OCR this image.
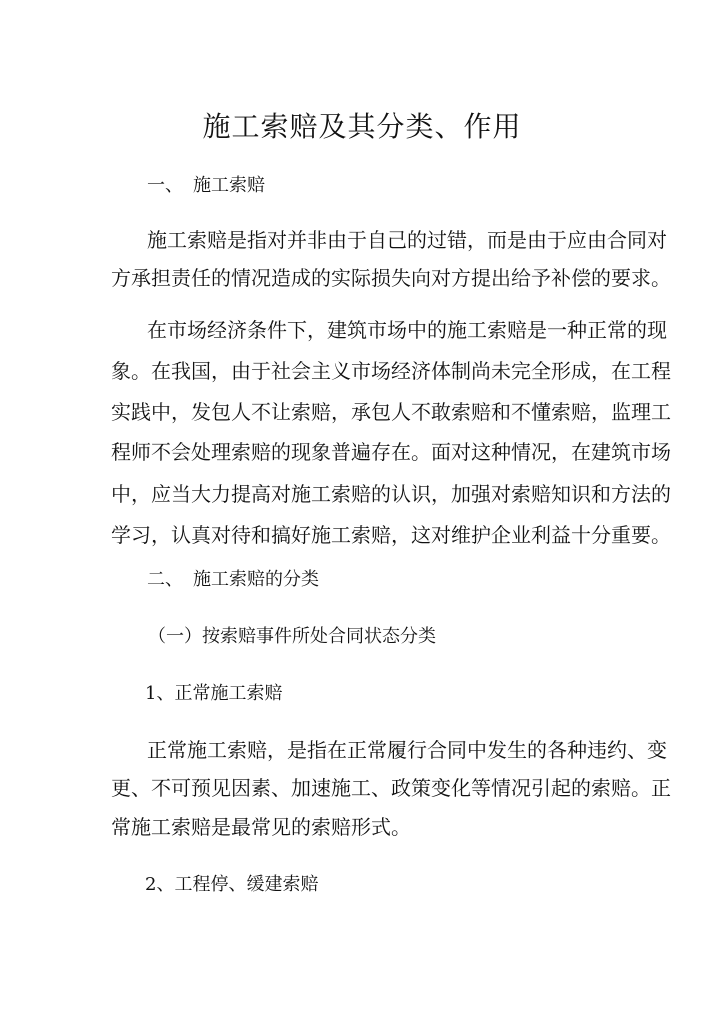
施工索赔及其分类、作用
一、 施工索赔
施工索赔是指对并非由于自己的过错，而是由于应由合同对
方承担责任的情况造成的实际损失向对方提出给予补偿的要求。
在市场经济条件下，建筑市场中的施工索赔是一种正常的现
象。在我国，由于社会主义市场经济体制尚未完全形成，在工程
实践中，发包人不让索赔，承包人不敢索赔和不懂索赔，监理工
程师不会处理索赔的现象普遍存在。面对这种情况，在建筑市场
中，应当大力提高对施工索赔的认识，加强对索赔知识和方法的
学习，认真对待和搞好施工索赔，这对维护企业利益十分重要。
二、 施工索赔的分类
（一）按索赔事件所处合同状态分类
1、正常施工索赔
正常施工索赔，是指在正常履行合同中发生的各种违约、变
更、不可预见因素、加速施工、政策变化等情况引起的索赔。正
常施工索赔是最常见的索赔形式。
2、工程停、缓建索赔
